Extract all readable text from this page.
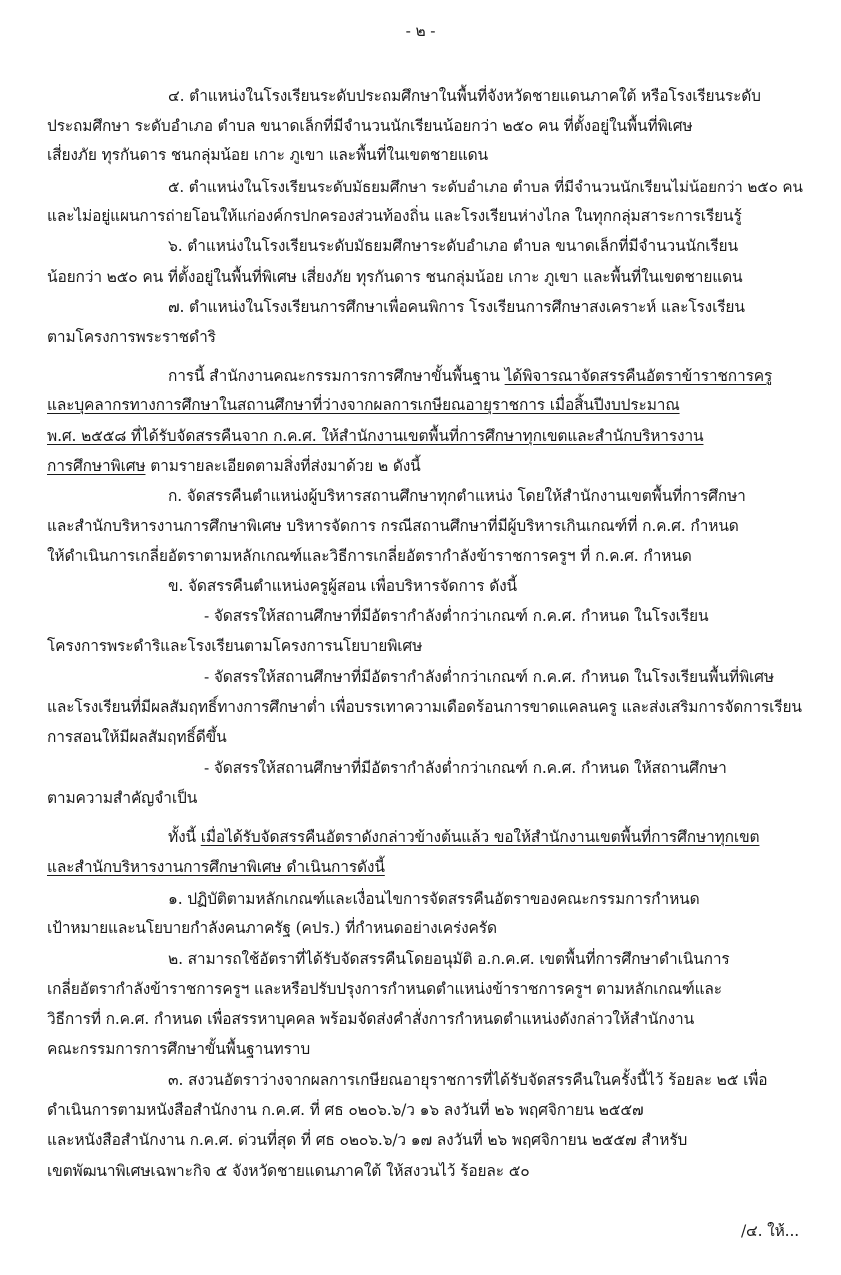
- ๒ -
๔. ตำแหน่งในโรงเรียนระดับประถมศึกษาในพื้นที่จังหวัดชายแดนภาคใต้ หรือโรงเรียนระดับ
ประถมศึกษา ระดับอำเภอ ตำบล ขนาดเล็กที่มีจำนวนนักเรียนน้อยกว่า ๒๕๐ คน ที่ตั้งอยู่ในพื้นที่พิเศษ
เสี่ยงภัย ทุรกันดาร ชนกลุ่มน้อย เกาะ ภูเขา และพื้นที่ในเขตชายแดน
๕. ตำแหน่งในโรงเรียนระดับมัธยมศึกษา ระดับอำเภอ ตำบล ที่มีจำนวนนักเรียนไม่น้อยกว่า ๒๕๐ คน
และไม่อยู่แผนการถ่ายโอนให้แก่องค์กรปกครองส่วนท้องถิ่น และโรงเรียนห่างไกล ในทุกกลุ่มสาระการเรียนรู้
๖. ตำแหน่งในโรงเรียนระดับมัธยมศึกษาระดับอำเภอ ตำบล ขนาดเล็กที่มีจำนวนนักเรียน
น้อยกว่า ๒๕๐ คน ที่ตั้งอยู่ในพื้นที่พิเศษ เสี่ยงภัย ทุรกันดาร ชนกลุ่มน้อย เกาะ ภูเขา และพื้นที่ในเขตชายแดน
๗. ตำแหน่งในโรงเรียนการศึกษาเพื่อคนพิการ โรงเรียนการศึกษาสงเคราะห์ และโรงเรียน
ตามโครงการพระราชดำริ
การนี้ สำนักงานคณะกรรมการการศึกษาขั้นพื้นฐาน ได้พิจารณาจัดสรรคืนอัตราข้าราชการครู
และบุคลากรทางการศึกษาในสถานศึกษาที่ว่างจากผลการเกษียณอายุราชการ เมื่อสิ้นปีงบประมาณ
พ.ศ. ๒๕๕๘ ที่ได้รับจัดสรรคืนจาก ก.ค.ศ. ให้สำนักงานเขตพื้นที่การศึกษาทุกเขตและสำนักบริหารงาน
การศึกษาพิเศษ ตามรายละเอียดตามสิ่งที่ส่งมาด้วย ๒ ดังนี้
ก. จัดสรรคืนตำแหน่งผู้บริหารสถานศึกษาทุกตำแหน่ง โดยให้สำนักงานเขตพื้นที่การศึกษา
และสำนักบริหารงานการศึกษาพิเศษ บริหารจัดการ กรณีสถานศึกษาที่มีผู้บริหารเกินเกณฑ์ที่ ก.ค.ศ. กำหนด
ให้ดำเนินการเกลี่ยอัตราตามหลักเกณฑ์และวิธีการเกลี่ยอัตรากำลังข้าราชการครูฯ ที่ ก.ค.ศ. กำหนด
ข. จัดสรรคืนตำแหน่งครูผู้สอน เพื่อบริหารจัดการ ดังนี้
- จัดสรรให้สถานศึกษาที่มีอัตรากำลังต่ำกว่าเกณฑ์ ก.ค.ศ. กำหนด ในโรงเรียน
โครงการพระดำริและโรงเรียนตามโครงการนโยบายพิเศษ
- จัดสรรให้สถานศึกษาที่มีอัตรากำลังต่ำกว่าเกณฑ์ ก.ค.ศ. กำหนด ในโรงเรียนพื้นที่พิเศษ
และโรงเรียนที่มีผลสัมฤทธิ์ทางการศึกษาต่ำ เพื่อบรรเทาความเดือดร้อนการขาดแคลนครู และส่งเสริมการจัดการเรียน
การสอนให้มีผลสัมฤทธิ์ดีขึ้น
- จัดสรรให้สถานศึกษาที่มีอัตรากำลังต่ำกว่าเกณฑ์ ก.ค.ศ. กำหนด ให้สถานศึกษา
ตามความสำคัญจำเป็น
ทั้งนี้ เมื่อได้รับจัดสรรคืนอัตราดังกล่าวข้างต้นแล้ว ขอให้สำนักงานเขตพื้นที่การศึกษาทุกเขต
และสำนักบริหารงานการศึกษาพิเศษ ดำเนินการดังนี้
๑. ปฏิบัติตามหลักเกณฑ์และเงื่อนไขการจัดสรรคืนอัตราของคณะกรรมการกำหนด
เป้าหมายและนโยบายกำลังคนภาครัฐ (คปร.) ที่กำหนดอย่างเคร่งครัด
๒. สามารถใช้อัตราที่ได้รับจัดสรรคืนโดยอนุมัติ อ.ก.ค.ศ. เขตพื้นที่การศึกษาดำเนินการ
เกลี่ยอัตรากำลังข้าราชการครูฯ และหรือปรับปรุงการกำหนดตำแหน่งข้าราชการครูฯ ตามหลักเกณฑ์และ
วิธีการที่ ก.ค.ศ. กำหนด เพื่อสรรหาบุคคล พร้อมจัดส่งคำสั่งการกำหนดตำแหน่งดังกล่าวให้สำนักงาน
คณะกรรมการการศึกษาขั้นพื้นฐานทราบ
๓. สงวนอัตราว่างจากผลการเกษียณอายุราชการที่ได้รับจัดสรรคืนในครั้งนี้ไว้ ร้อยละ ๒๕ เพื่อ
ดำเนินการตามหนังสือสำนักงาน ก.ค.ศ. ที่ ศธ ๐๒๐๖.๖/ว ๑๖ ลงวันที่ ๒๖ พฤศจิกายน ๒๕๕๗
และหนังสือสำนักงาน ก.ค.ศ. ด่วนที่สุด ที่ ศธ ๐๒๐๖.๖/ว ๑๗ ลงวันที่ ๒๖ พฤศจิกายน ๒๕๕๗ สำหรับ
เขตพัฒนาพิเศษเฉพาะกิจ ๕ จังหวัดชายแดนภาคใต้ ให้สงวนไว้ ร้อยละ ๕๐
/๔. ให้...
